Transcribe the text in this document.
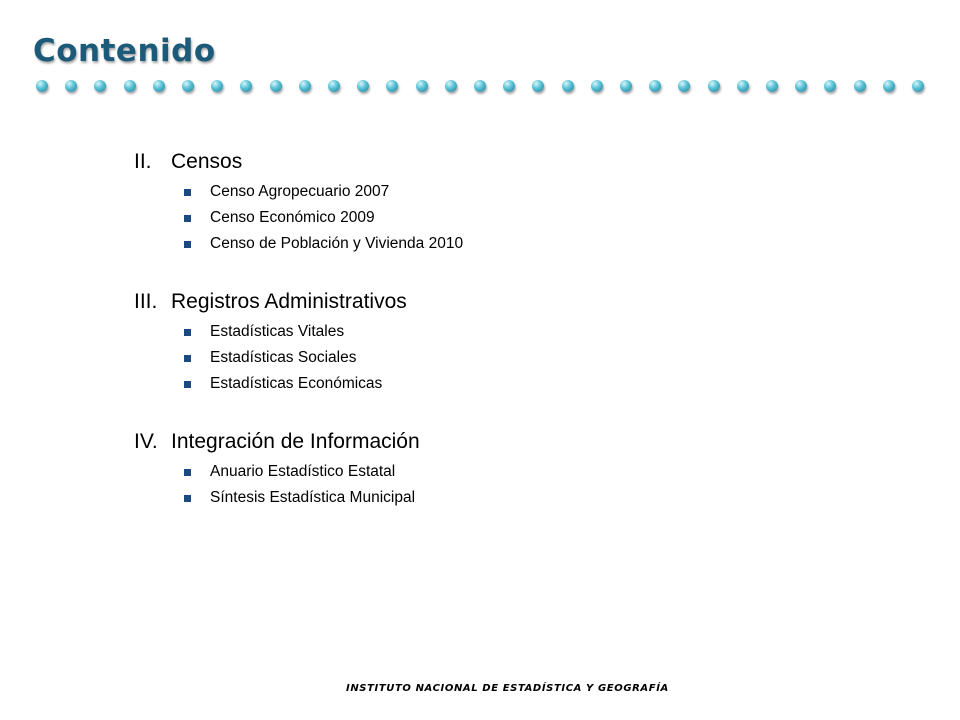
Contenido
II. Censos
Censo Agropecuario 2007
Censo Económico 2009
Censo de Población y Vivienda 2010
III. Registros Administrativos
Estadísticas Vitales
Estadísticas Sociales
Estadísticas Económicas
IV. Integración de Información
Anuario Estadístico Estatal
Síntesis Estadística Municipal
INSTITUTO NACIONAL DE ESTADÍSTICA Y GEOGRAFÍA
